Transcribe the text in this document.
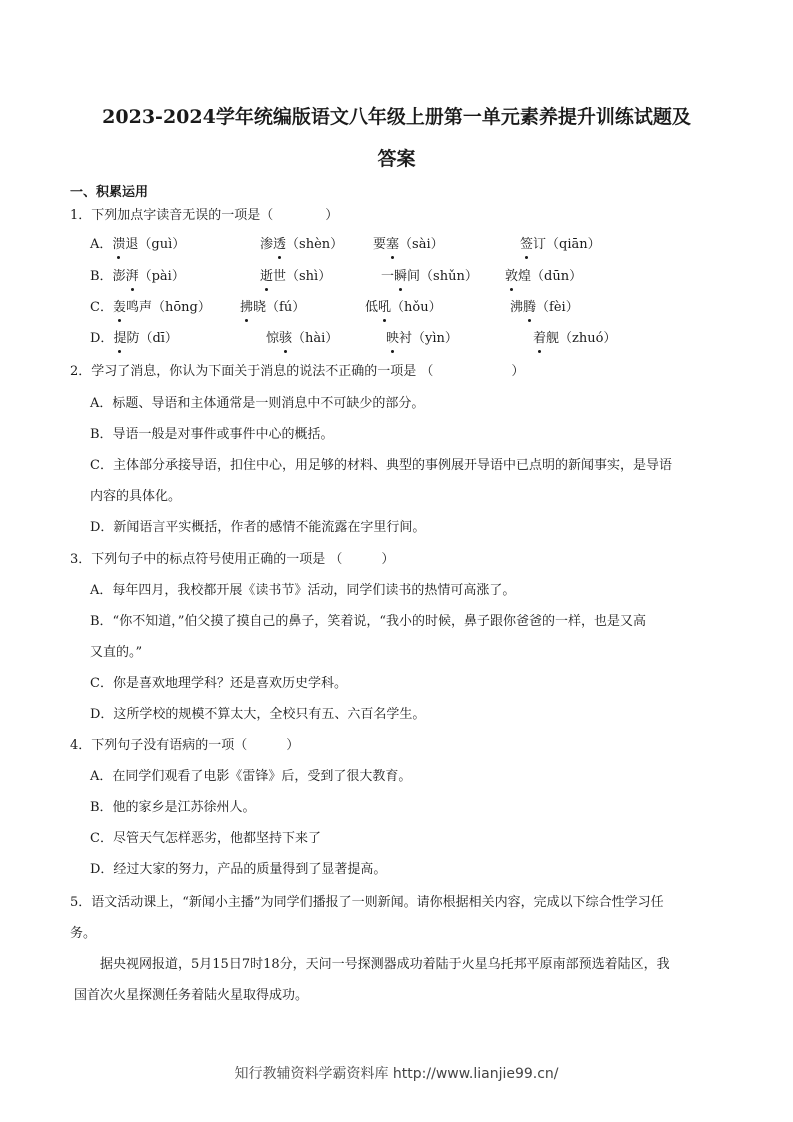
2023-2024学年统编版语文八年级上册第一单元素养提升训练试题及
答案
一、积累运用
1．下列加点字读音无误的一项是（　　　　）
A．溃退（guì）	渗透（shèn） 要塞（sài）	签订（qiān）
B．澎湃（pài）	逝世（shì）	一瞬间（shǔn） 敦煌（dūn）
C．轰鸣声（hōng） 拂晓（fú）	低吼（hǒu）	沸腾（fèi）
D．提防（dī）	惊骇（hài）	映衬（yìn）	着舰（zhuó）
2．学习了消息，你认为下面关于消息的说法不正确的一项是 （　　　　　　）
A．标题、导语和主体通常是一则消息中不可缺少的部分。
B．导语一般是对事件或事件中心的概括。
C．主体部分承接导语，扣住中心，用足够的材料、典型的事例展开导语中已点明的新闻事实，是导语
内容的具体化。
D．新闻语言平实概括，作者的感情不能流露在字里行间。
3．下列句子中的标点符号使用正确的一项是 （　　　）
A．每年四月，我校都开展《读书节》活动，同学们读书的热情可高涨了。
B．“你不知道，”伯父摸了摸自己的鼻子，笑着说，“我小的时候，鼻子跟你爸爸的一样，也是又高
又直的。”
C．你是喜欢地理学科？还是喜欢历史学科。
D．这所学校的规模不算太大，全校只有五、六百名学生。
4．下列句子没有语病的一项（　　　）
A．在同学们观看了电影《雷锋》后，受到了很大教育。
B．他的家乡是江苏徐州人。
C．尽管天气怎样恶劣，他都坚持下来了
D．经过大家的努力，产品的质量得到了显著提高。
5．语文活动课上，“新闻小主播”为同学们播报了一则新闻。请你根据相关内容，完成以下综合性学习任
务。
据央视网报道，5月15日7时18分，天问一号探测器成功着陆于火星乌托邦平原南部预选着陆区，我
国首次火星探测任务着陆火星取得成功。
知行教辅资料学霸资料库 http://www.lianjie99.cn/
